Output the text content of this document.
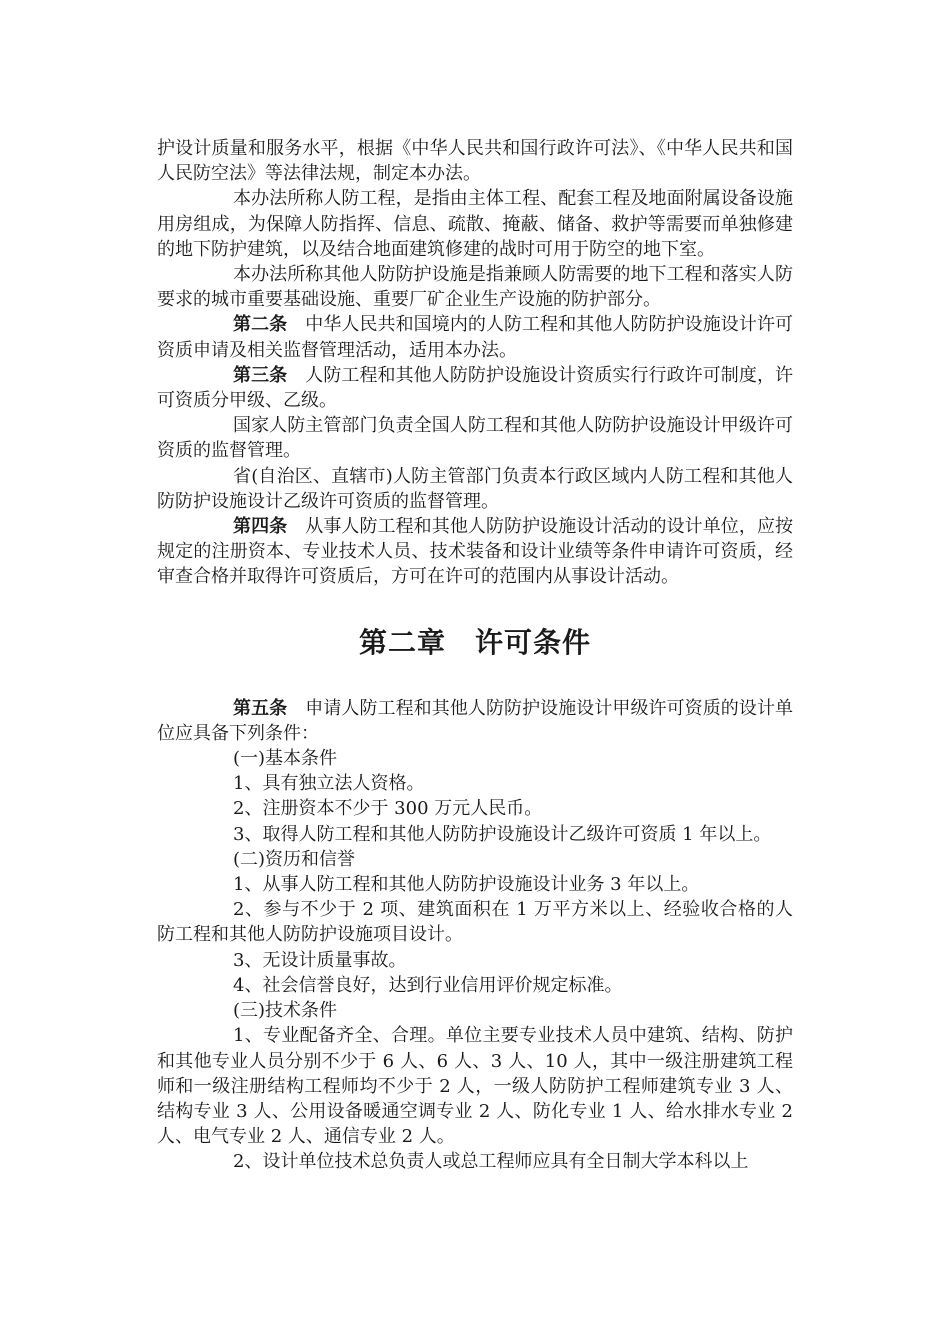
护设计质量和服务水平，根据《中华人民共和国行政许可法》、《中华人民共和国人民防空法》等法律法规，制定本办法。

本办法所称人防工程，是指由主体工程、配套工程及地面附属设备设施用房组成，为保障人防指挥、信息、疏散、掩蔽、储备、救护等需要而单独修建的地下防护建筑，以及结合地面建筑修建的战时可用于防空的地下室。

本办法所称其他人防防护设施是指兼顾人防需要的地下工程和落实人防要求的城市重要基础设施、重要厂矿企业生产设施的防护部分。

第二条　 中华人民共和国境内的人防工程和其他人防防护设施设计许可资质申请及相关监督管理活动，适用本办法。

第三条　 人防工程和其他人防防护设施设计资质实行行政许可制度，许可资质分甲级、乙级。

国家人防主管部门负责全国人防工程和其他人防防护设施设计甲级许可资质的监督管理。

省(自治区、直辖市)人防主管部门负责本行政区域内人防工程和其他人防防护设施设计乙级许可资质的监督管理。

第四条　 从事人防工程和其他人防防护设施设计活动的设计单位，应按规定的注册资本、专业技术人员、技术装备和设计业绩等条件申请许可资质，经审查合格并取得许可资质后，方可在许可的范围内从事设计活动。

第二章　许可条件

第五条　 申请人防工程和其他人防防护设施设计甲级许可资质的设计单位应具备下列条件：

(一)基本条件

1、具有独立法人资格。

2、注册资本不少于 300 万元人民币。

3、取得人防工程和其他人防防护设施设计乙级许可资质 1 年以上。

(二)资历和信誉

1、从事人防工程和其他人防防护设施设计业务 3 年以上。

2、参与不少于 2 项、建筑面积在 1 万平方米以上、经验收合格的人防工程和其他人防防护设施项目设计。

3、无设计质量事故。

4、社会信誉良好，达到行业信用评价规定标准。

(三)技术条件

1、专业配备齐全、合理。单位主要专业技术人员中建筑、结构、防护和其他专业人员分别不少于 6 人、6 人、3 人、10 人，其中一级注册建筑工程师和一级注册结构工程师均不少于 2 人，一级人防防护工程师建筑专业 3 人、结构专业 3 人、公用设备暖通空调专业 2 人、防化专业 1 人、给水排水专业 2 人、电气专业 2 人、通信专业 2 人。

2、设计单位技术总负责人或总工程师应具有全日制大学本科以上
